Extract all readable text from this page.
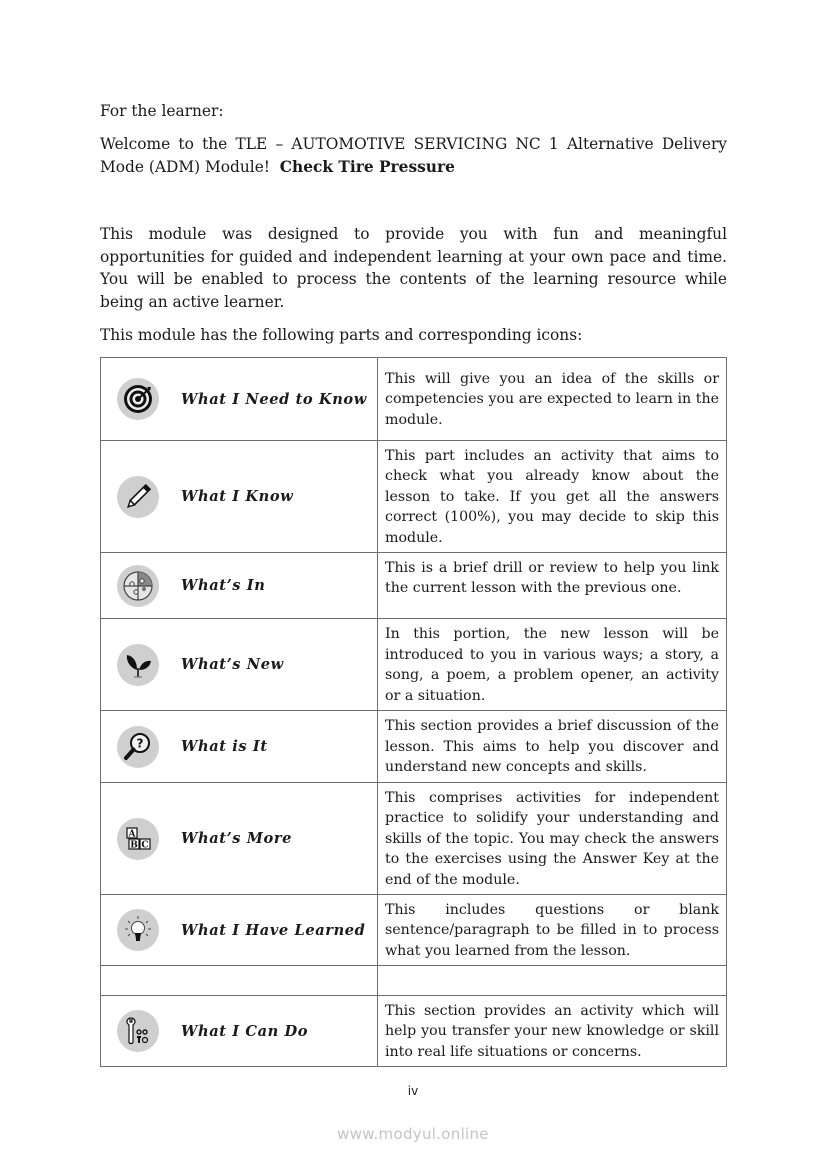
For the learner:

Welcome to the TLE – AUTOMOTIVE SERVICING NC 1 Alternative Delivery Mode (ADM) Module! Check Tire Pressure

This module was designed to provide you with fun and meaningful opportunities for guided and independent learning at your own pace and time. You will be enabled to process the contents of the learning resource while being an active learner.

This module has the following parts and corresponding icons:

What I Need to Know	This will give you an idea of the skills or competencies you are expected to learn in the module.

What I Know	This part includes an activity that aims to check what you already know about the lesson to take. If you get all the answers correct (100%), you may decide to skip this module.

What’s In	This is a brief drill or review to help you link the current lesson with the previous one.

What’s New	In this portion, the new lesson will be introduced to you in various ways; a story, a song, a poem, a problem opener, an activity or a situation.

? What is It	This section provides a brief discussion of the lesson. This aims to help you discover and understand new concepts and skills.

A
B C What’s More	This comprises activities for independent practice to solidify your understanding and skills of the topic. You may check the answers to the exercises using the Answer Key at the end of the module.

What I Have Learned	This includes questions or blank sentence/paragraph to be filled in to process what you learned from the lesson.

What I Can Do	This section provides an activity which will help you transfer your new knowledge or skill into real life situations or concerns.

iv
www.modyul.online
